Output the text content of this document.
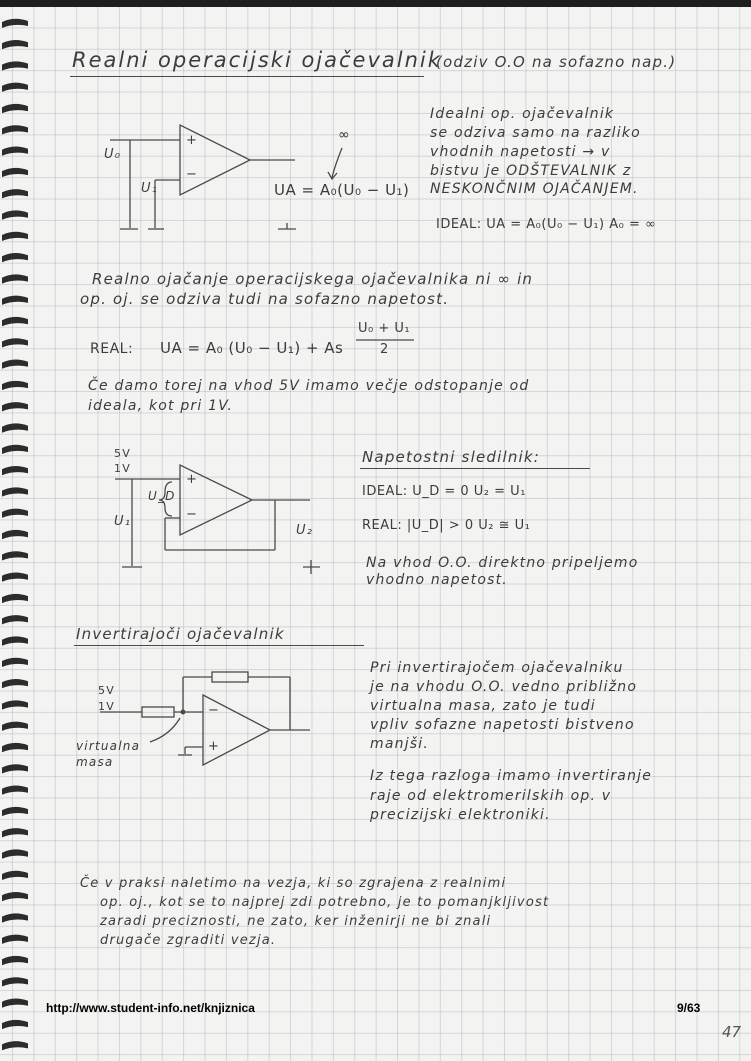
Realni operacijski ojačevalnik
(odziv O.O na sofazno nap.)
U₀
U₁
+
−
∞
UA = A₀(U₀ − U₁)
Idealni op. ojačevalnik
se odziva samo na razliko
vhodnih napetosti → v
bistvu je ODŠTEVALNIK z
NESKONČNIM OJAČANJEM.
IDEAL: UA = A₀(U₀ − U₁) A₀ = ∞
Realno ojačanje operacijskega ojačevalnika ni ∞ in
op. oj. se odziva tudi na sofazno napetost.
REAL: UA = A₀ (U₀ − U₁) + As
U₀ + U₁
2
Če damo torej na vhod 5V imamo večje odstopanje od
ideala, kot pri 1V.
5V
1V
U_D
U₁
U₂
+
−
Napetostni sledilnik:
IDEAL: U_D = 0 U₂ = U₁
REAL: |U_D| > 0 U₂ ≅ U₁
Na vhod O.O. direktno pripeljemo
vhodno napetost.
Invertirajoči ojačevalnik
5V
1V
virtualna
masa
−
+
Pri invertirajočem ojačevalniku
je na vhodu O.O. vedno približno
virtualna masa, zato je tudi
vpliv sofazne napetosti bistveno
manjši.
Iz tega razloga imamo invertiranje
raje od elektromerilskih op. v
precizijski elektroniki.
Če v praksi naletimo na vezja, ki so zgrajena z realnimi
op. oj., kot se to najprej zdi potrebno, je to pomanjkljivost
zaradi preciznosti, ne zato, ker inženirji ne bi znali
drugače zgraditi vezja.
http://www.student-info.net/knjiznica	9/63
47
